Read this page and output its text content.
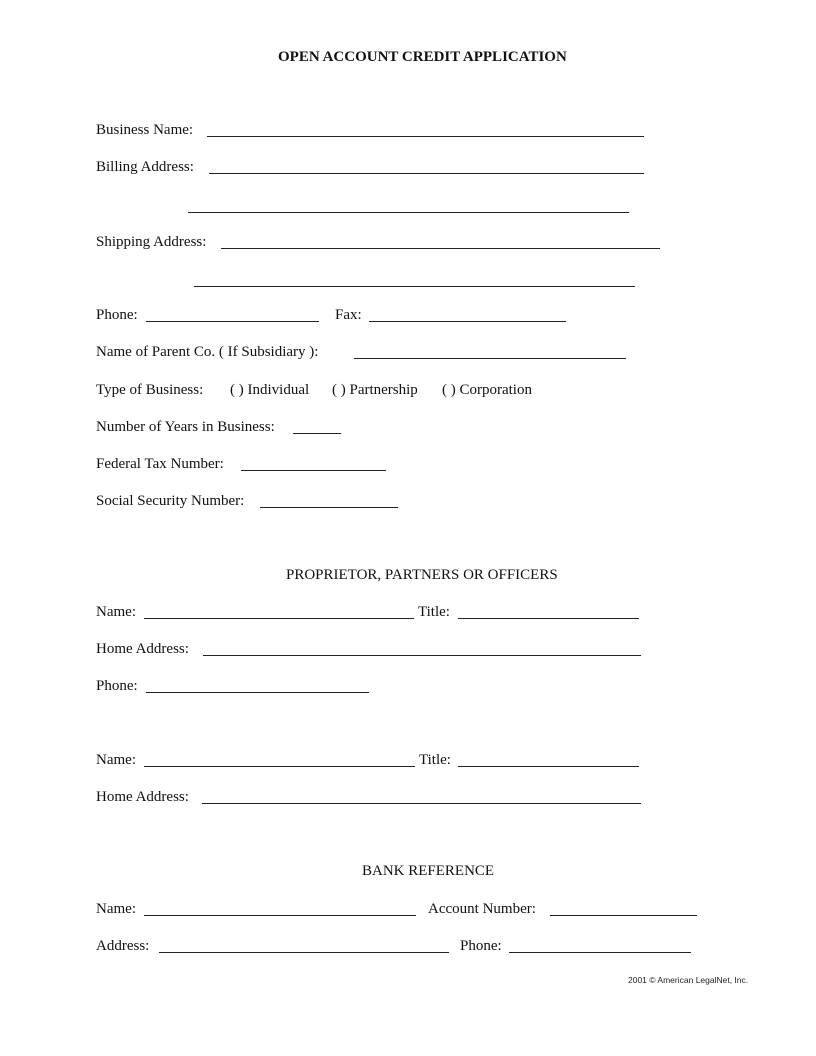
OPEN ACCOUNT CREDIT APPLICATION
Business Name:
Billing Address:
Shipping Address:
Phone:	Fax:
Name of Parent Co. ( If Subsidiary ):
Type of Business: ( ) Individual ( ) Partnership ( ) Corporation
Number of Years in Business:
Federal Tax Number:
Social Security Number:
PROPRIETOR, PARTNERS OR OFFICERS
Name:	Title:
Home Address:
Phone:
Name:	Title:
Home Address:
BANK REFERENCE
Name:	Account Number:
Address:	Phone:
2001 © American LegalNet, Inc.
